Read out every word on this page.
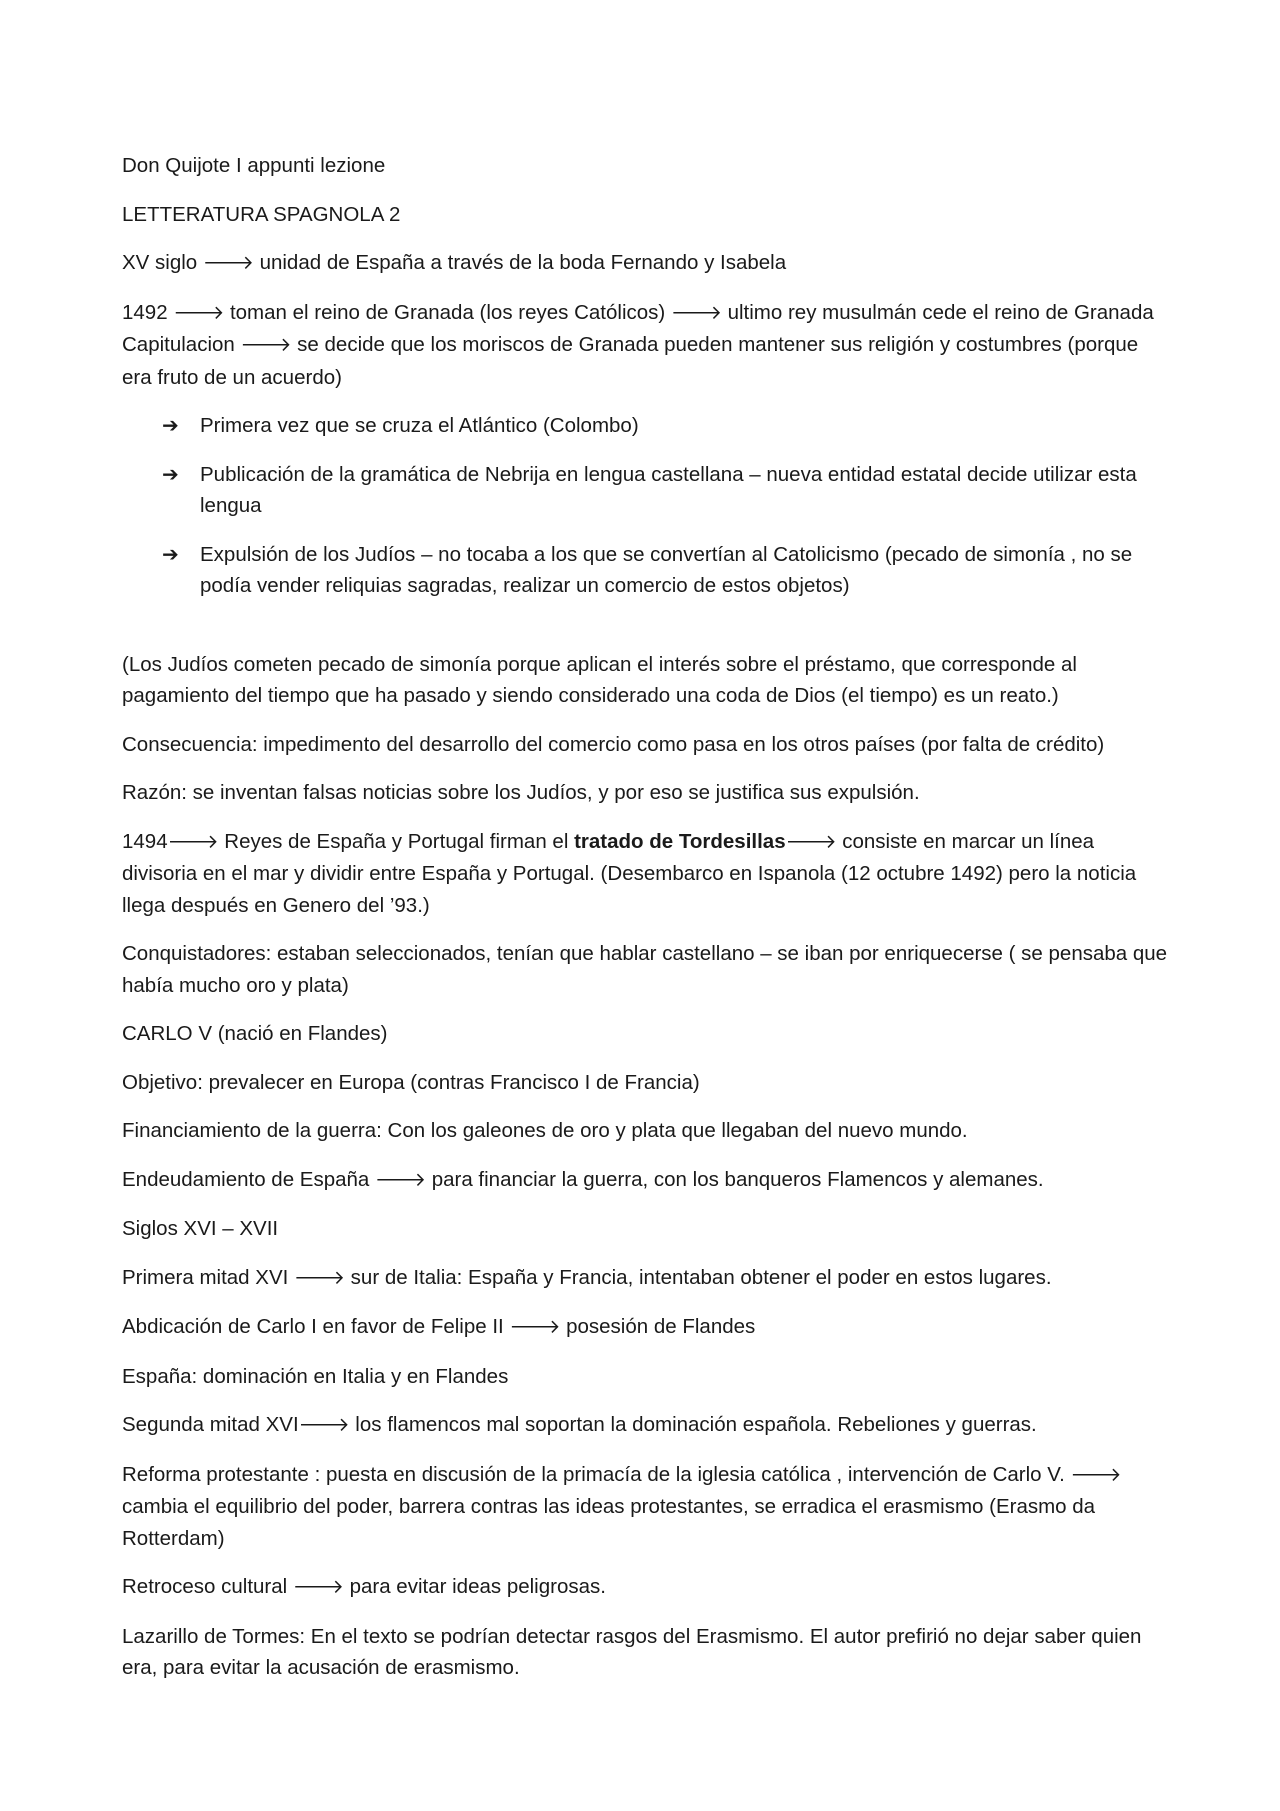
Don Quijote I appunti lezione

LETTERATURA SPAGNOLA 2

XV siglo 🡒 unidad de España a través de la boda Fernando y Isabela

1492 🡒 toman el reino de Granada (los reyes Católicos) 🡒 ultimo rey musulmán cede el reino de Granada
Capitulacion 🡒 se decide que los moriscos de Granada pueden mantener sus religión y costumbres (porque era fruto de un acuerdo)

➔ Primera vez que se cruza el Atlántico (Colombo)
➔ Publicación de la gramática de Nebrija en lengua castellana – nueva entidad estatal decide utilizar esta lengua
➔ Expulsión de los Judíos – no tocaba a los que se convertían al Catolicismo (pecado de simonía , no se podía vender reliquias sagradas, realizar un comercio de estos objetos)

(Los Judíos cometen pecado de simonía porque aplican el interés sobre el préstamo, que corresponde al pagamiento del tiempo que ha pasado y siendo considerado una coda de Dios (el tiempo) es un reato.)

Consecuencia: impedimento del desarrollo del comercio como pasa en los otros países (por falta de crédito)

Razón: se inventan falsas noticias sobre los Judíos, y por eso se justifica sus expulsión.

1494🡒 Reyes de España y Portugal firman el tratado de Tordesillas🡒 consiste en marcar un línea divisoria en el mar y dividir entre España y Portugal. (Desembarco en Ispanola (12 octubre 1492) pero la noticia llega después en Genero del ’93.)

Conquistadores: estaban seleccionados, tenían que hablar castellano – se iban por enriquecerse ( se pensaba que había mucho oro y plata)

CARLO V (nació en Flandes)

Objetivo: prevalecer en Europa (contras Francisco I de Francia)

Financiamiento de la guerra: Con los galeones de oro y plata que llegaban del nuevo mundo.

Endeudamiento de España 🡒 para financiar la guerra, con los banqueros Flamencos y alemanes.

Siglos XVI – XVII

Primera mitad XVI 🡒 sur de Italia: España y Francia, intentaban obtener el poder en estos lugares.

Abdicación de Carlo I en favor de Felipe II 🡒 posesión de Flandes

España: dominación en Italia y en Flandes

Segunda mitad XVI🡒 los flamencos mal soportan la dominación española. Rebeliones y guerras.

Reforma protestante : puesta en discusión de la primacía de la iglesia católica , intervención de Carlo V. 🡒 cambia el equilibrio del poder, barrera contras las ideas protestantes, se erradica el erasmismo (Erasmo da Rotterdam)

Retroceso cultural 🡒 para evitar ideas peligrosas.

Lazarillo de Tormes: En el texto se podrían detectar rasgos del Erasmismo. El autor prefirió no dejar saber quien era, para evitar la acusación de erasmismo.
